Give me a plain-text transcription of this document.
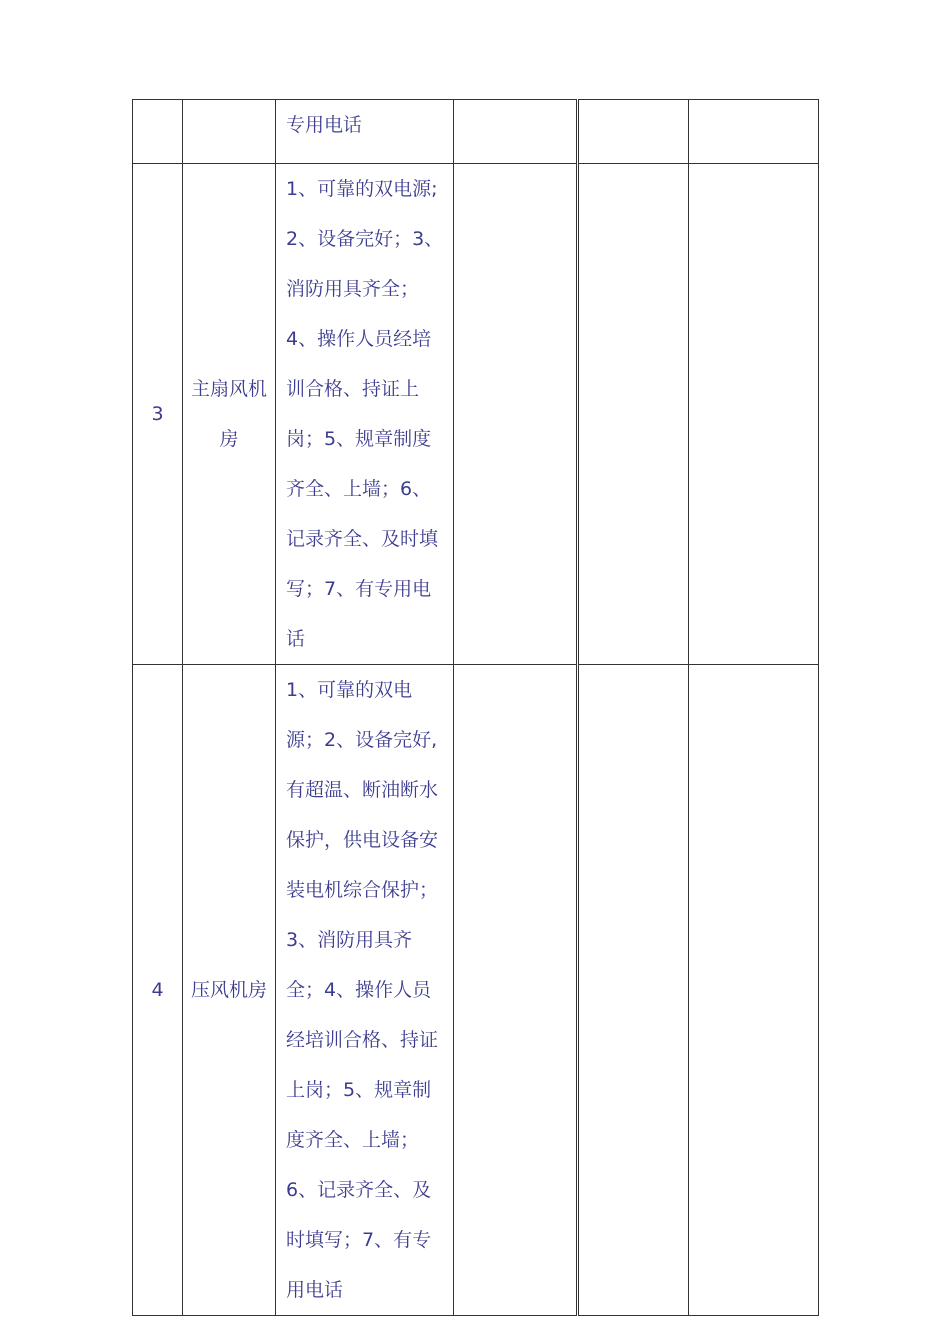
		专用电话			

3	主扇风机房	1、可靠的双电源;2、设备完好；3、消防用具齐全；4、操作人员经培训合格、持证上岗；5、规章制度齐全、上墙；6、记录齐全、及时填写；7、有专用电话			

4	压风机房	1、可靠的双电源；2、设备完好,有超温、断油断水保护，供电设备安装电机综合保护；3、消防用具齐全；4、操作人员经培训合格、持证上岗；5、规章制度齐全、上墙；6、记录齐全、及时填写；7、有专用电话			
